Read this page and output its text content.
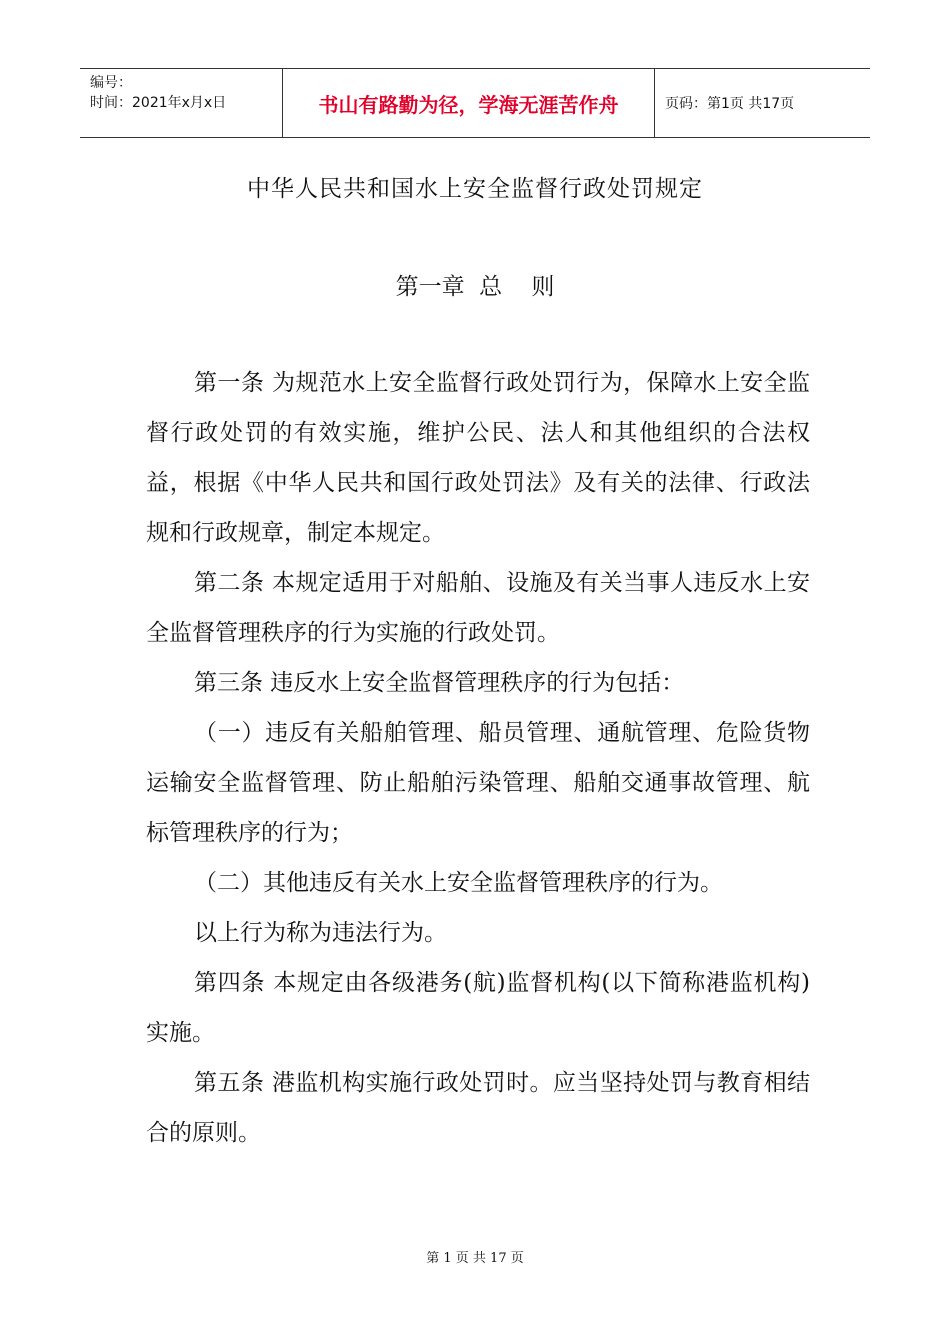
编号：
时间：2021年x月x日	书山有路勤为径，学海无涯苦作舟	页码：第1页 共17页
中华人民共和国水上安全监督行政处罚规定
第一章  总    则

第一条 为规范水上安全监督行政处罚行为，保障水上安全监督行政处罚的有效实施，维护公民、法人和其他组织的合法权益，根据《中华人民共和国行政处罚法》及有关的法律、行政法规和行政规章，制定本规定。

第二条 本规定适用于对船舶、设施及有关当事人违反水上安全监督管理秩序的行为实施的行政处罚。

第三条 违反水上安全监督管理秩序的行为包括：

（一）违反有关船舶管理、船员管理、通航管理、危险货物运输安全监督管理、防止船舶污染管理、船舶交通事故管理、航标管理秩序的行为；

（二）其他违反有关水上安全监督管理秩序的行为。

以上行为称为违法行为。

第四条 本规定由各级港务(航)监督机构(以下简称港监机构)实施。

第五条 港监机构实施行政处罚时。应当坚持处罚与教育相结合的原则。

第 1 页 共 17 页
